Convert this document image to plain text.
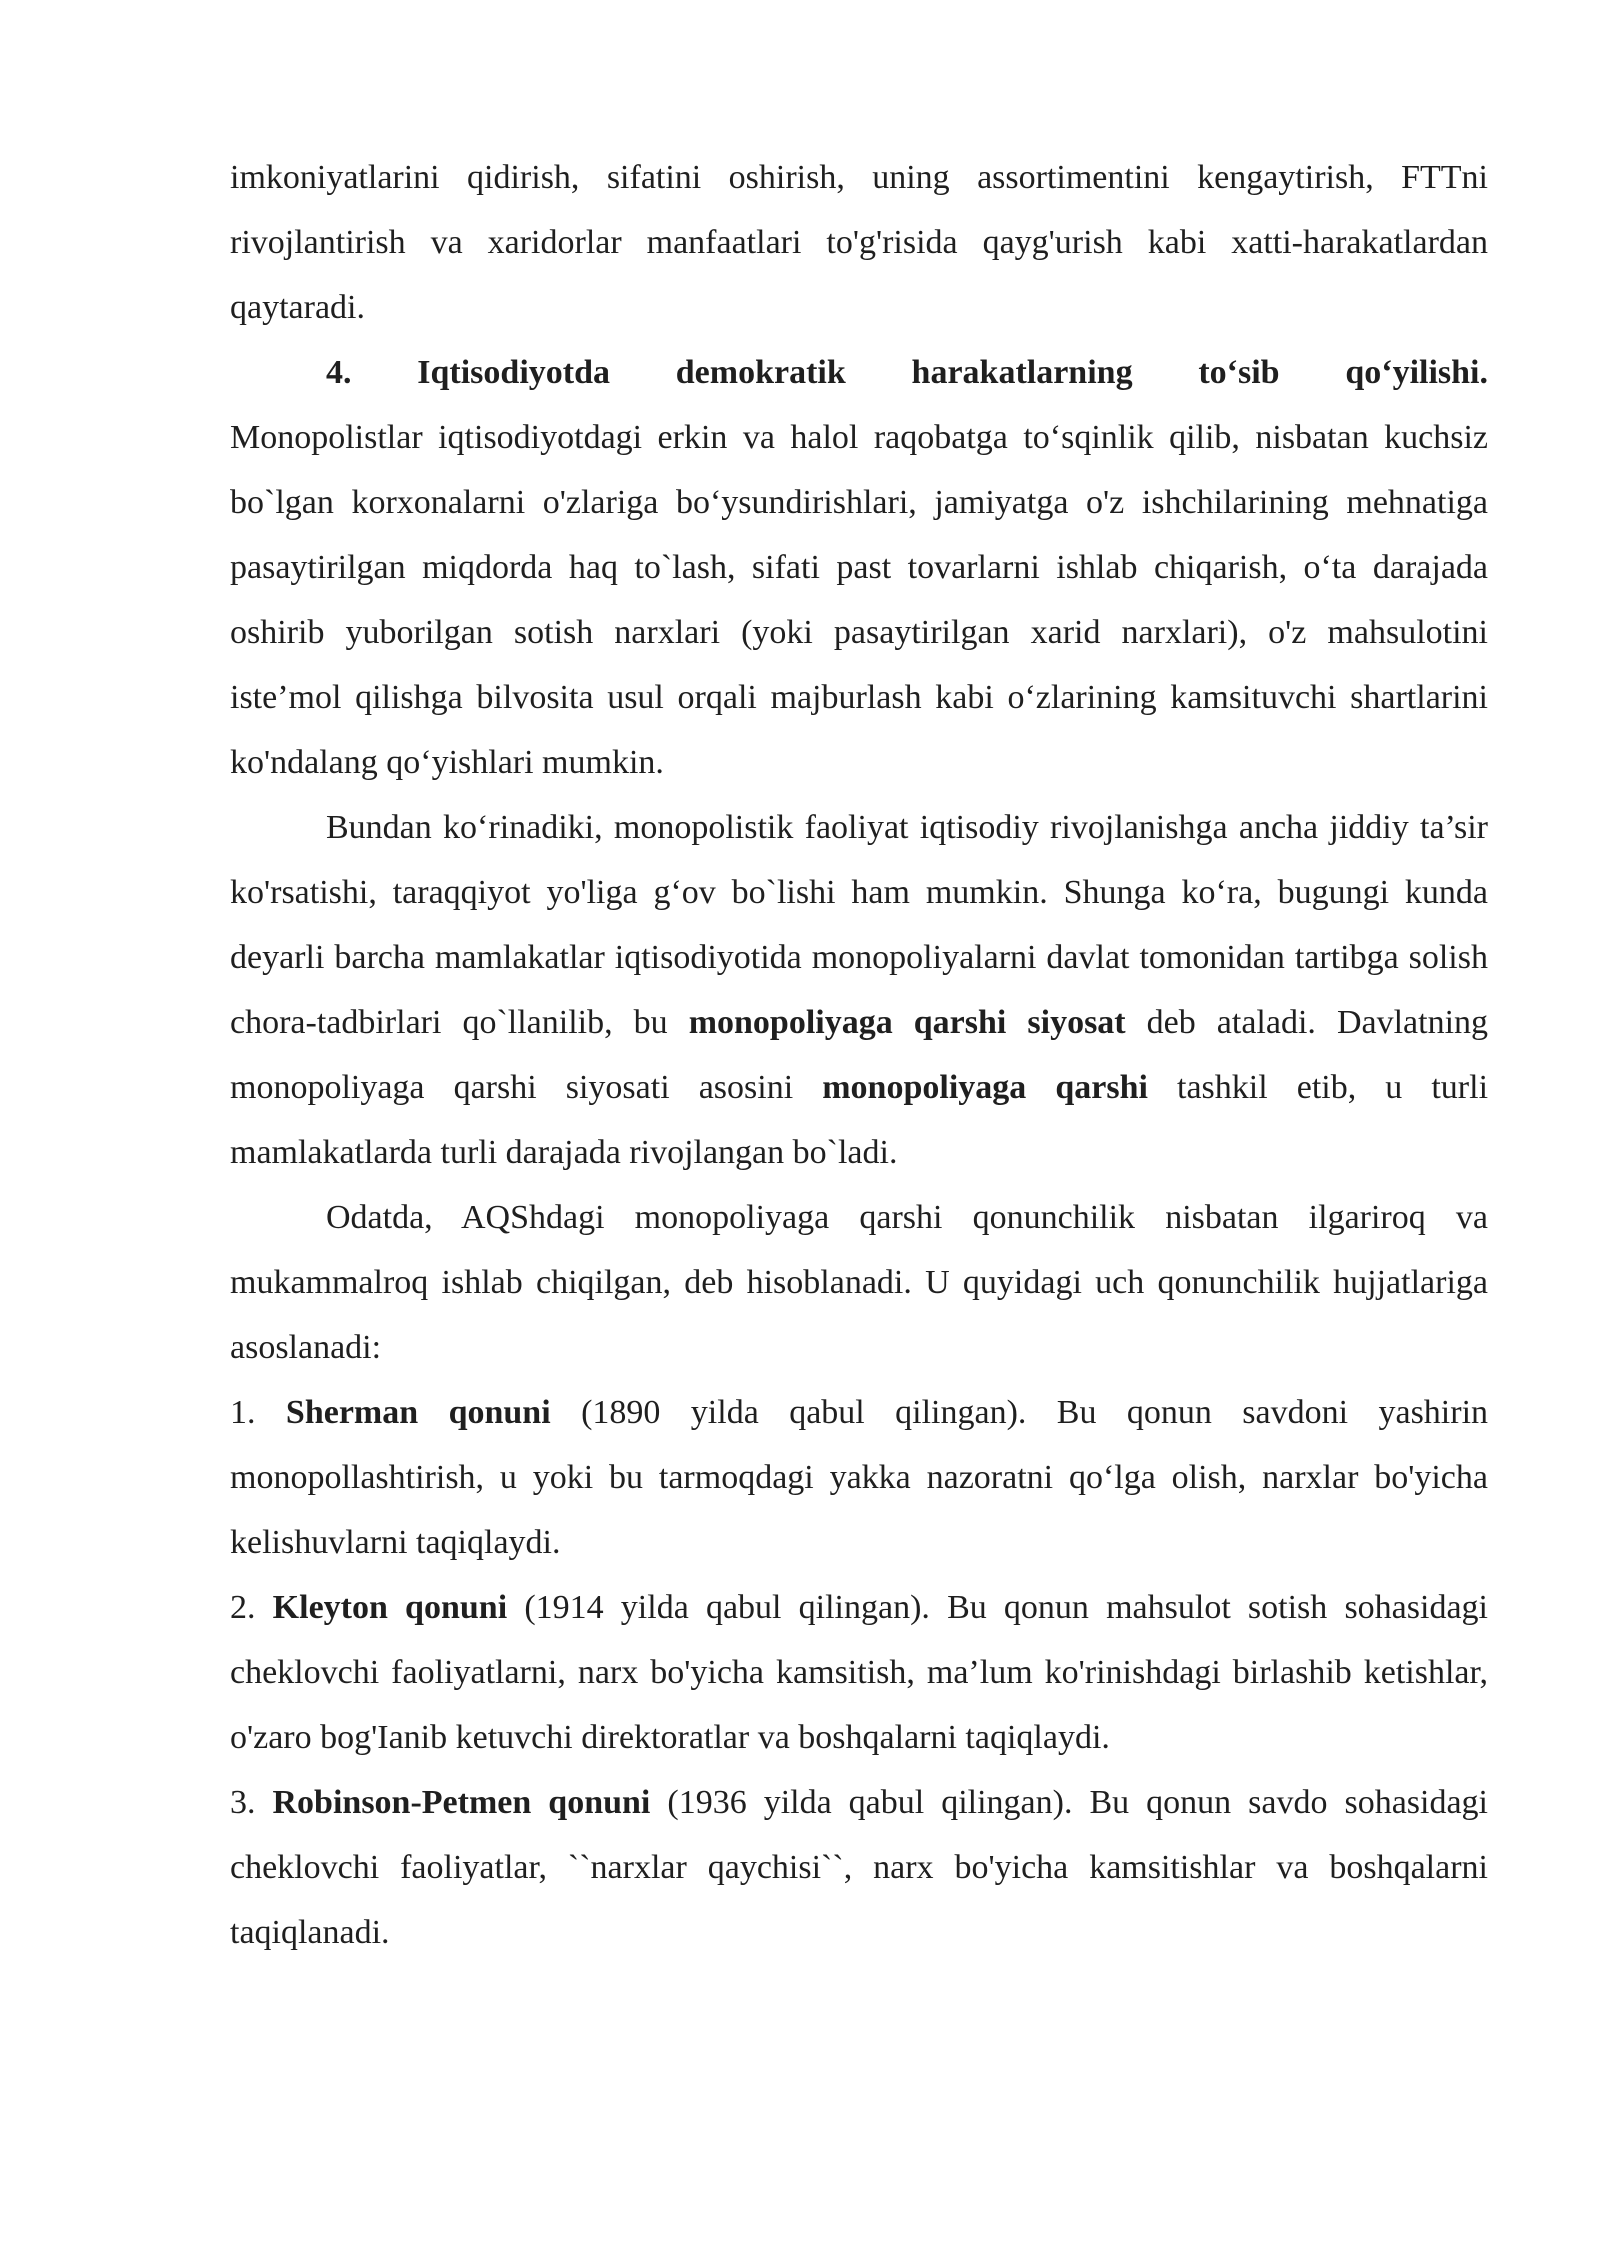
imkoniyatlarini qidirish, sifatini oshirish, uning assortimentini kengaytirish, FTTni rivojlantirish va xaridorlar manfaatlari to'g'risida qayg'urish kabi xatti-harakatlardan qaytaradi.

4. Iqtisodiyotda demokratik harakatlarning to‘sib qo‘yilishi.

Monopolistlar iqtisodiyotdagi erkin va halol raqobatga to‘sqinlik qilib, nisbatan kuchsiz bo`lgan korxonalarni o'zlariga bo‘ysundirishlari, jamiyatga o'z ishchilarining mehnatiga pasaytirilgan miqdorda haq to`lash, sifati past tovarlarni ishlab chiqarish, o‘ta darajada oshirib yuborilgan sotish narxlari (yoki pasaytirilgan xarid narxlari), o'z mahsulotini iste’mol qilishga bilvosita usul orqali majburlash kabi o‘zlarining kamsituvchi shartlarini ko'ndalang qo‘yishlari mumkin.

Bundan ko‘rinadiki, monopolistik faoliyat iqtisodiy rivojlanishga ancha jiddiy ta’sir ko'rsatishi, taraqqiyot yo'liga g‘ov bo`lishi ham mumkin. Shunga ko‘ra, bugungi kunda deyarli barcha mamlakatlar iqtisodiyotida monopoliyalarni davlat tomonidan tartibga solish chora-tadbirlari qo`llanilib, bu monopoliyaga qarshi siyosat deb ataladi. Davlatning monopoliyaga qarshi siyosati asosini monopoliyaga qarshi tashkil etib, u turli mamlakatlarda turli darajada rivojlangan bo`ladi.

Odatda, AQShdagi monopoliyaga qarshi qonunchilik nisbatan ilgariroq va mukammalroq ishlab chiqilgan, deb hisoblanadi. U quyidagi uch qonunchilik hujjatlariga asoslanadi:

1. Sherman qonuni (1890 yilda qabul qilingan). Bu qonun savdoni yashirin monopollashtirish, u yoki bu tarmoqdagi yakka nazoratni qo‘lga olish, narxlar bo'yicha kelishuvlarni taqiqlaydi.

2. Kleyton qonuni (1914 yilda qabul qilingan). Bu qonun mahsulot sotish sohasidagi cheklovchi faoliyatlarni, narx bo'yicha kamsitish, ma’lum ko'rinishdagi birlashib ketishlar, o'zaro bog'Ianib ketuvchi direktoratlar va boshqalarni taqiqlaydi.

3. Robinson-Petmen qonuni (1936 yilda qabul qilingan). Bu qonun savdo sohasidagi cheklovchi faoliyatlar, ``narxlar qaychisi``, narx bo'yicha kamsitishlar va boshqalarni taqiqlanadi.
